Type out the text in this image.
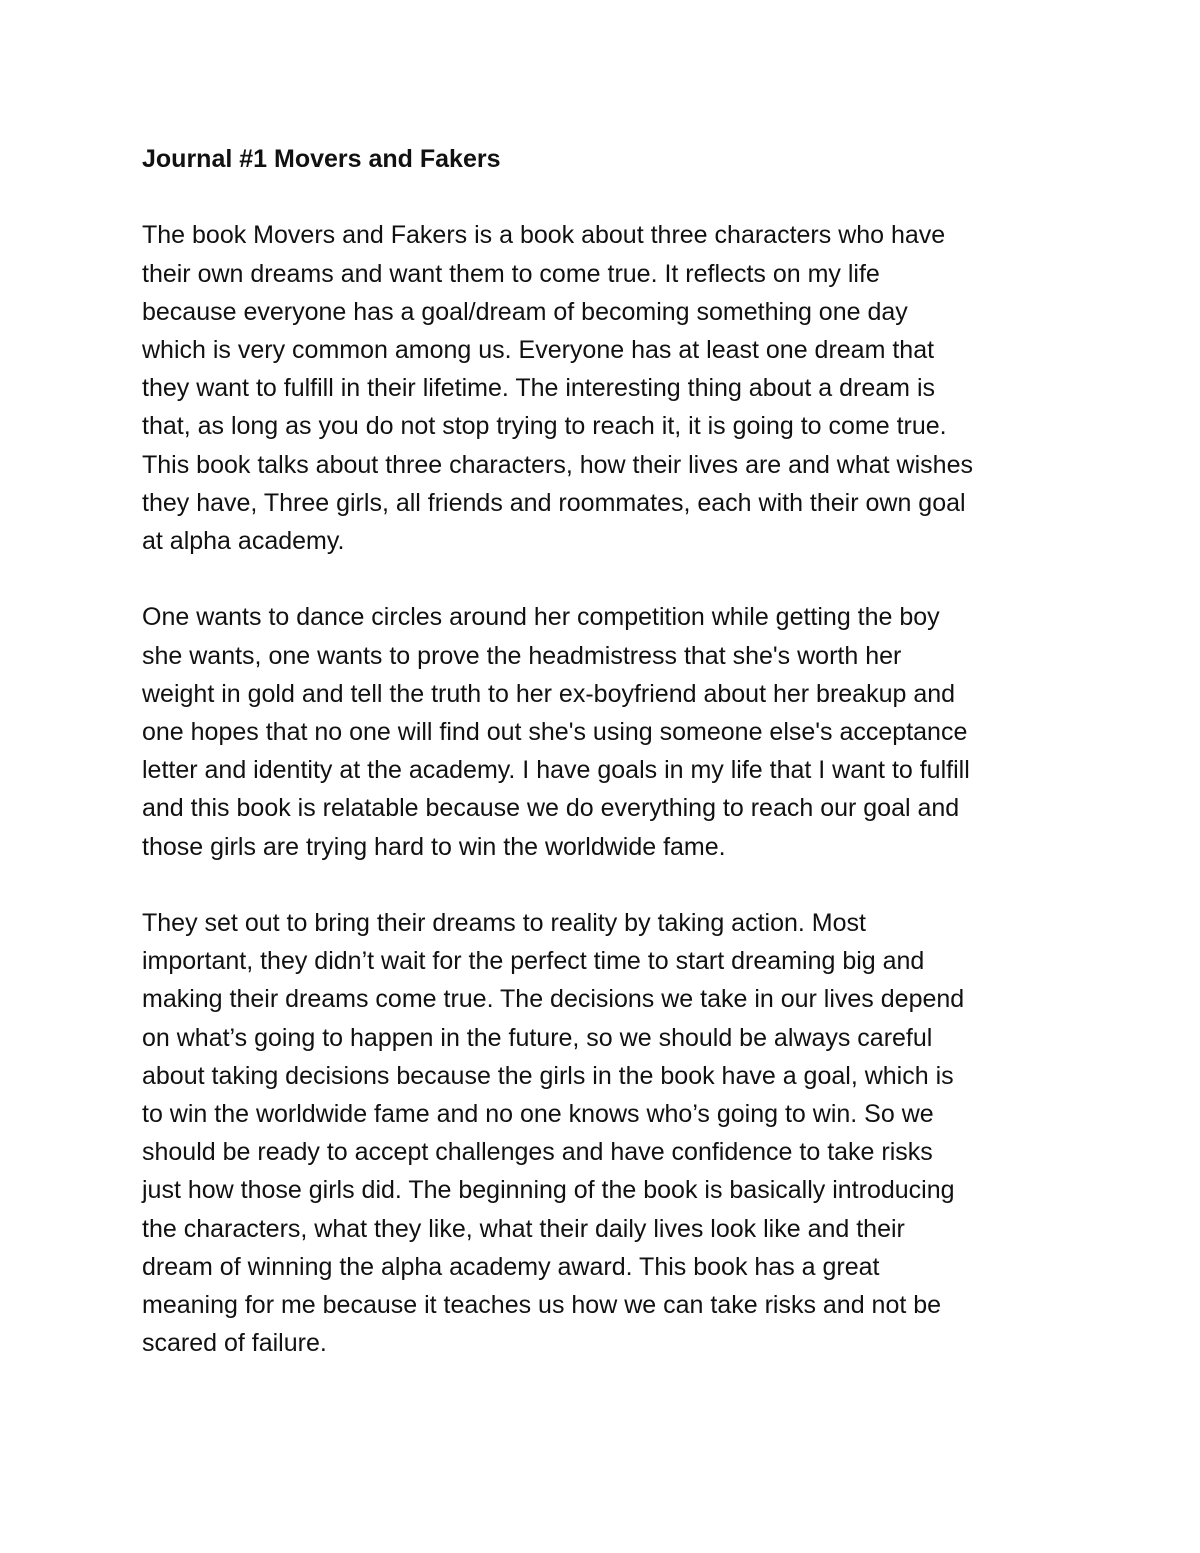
Journal #1 Movers and Fakers
The book Movers and Fakers is a book about three characters who have
their own dreams and want them to come true. It reflects on my life
because everyone has a goal/dream of becoming something one day
which is very common among us. Everyone has at least one dream that
they want to fulfill in their lifetime. The interesting thing about a dream is
that, as long as you do not stop trying to reach it, it is going to come true.
This book talks about three characters, how their lives are and what wishes
they have, Three girls, all friends and roommates, each with their own goal
at alpha academy.
One wants to dance circles around her competition while getting the boy
she wants, one wants to prove the headmistress that she's worth her
weight in gold and tell the truth to her ex-boyfriend about her breakup and
one hopes that no one will find out she's using someone else's acceptance
letter and identity at the academy. I have goals in my life that I want to fulfill
and this book is relatable because we do everything to reach our goal and
those girls are trying hard to win the worldwide fame.
They set out to bring their dreams to reality by taking action. Most
important, they didn’t wait for the perfect time to start dreaming big and
making their dreams come true. The decisions we take in our lives depend
on what’s going to happen in the future, so we should be always careful
about taking decisions because the girls in the book have a goal, which is
to win the worldwide fame and no one knows who’s going to win. So we
should be ready to accept challenges and have confidence to take risks
just how those girls did. The beginning of the book is basically introducing
the characters, what they like, what their daily lives look like and their
dream of winning the alpha academy award. This book has a great
meaning for me because it teaches us how we can take risks and not be
scared of failure.
